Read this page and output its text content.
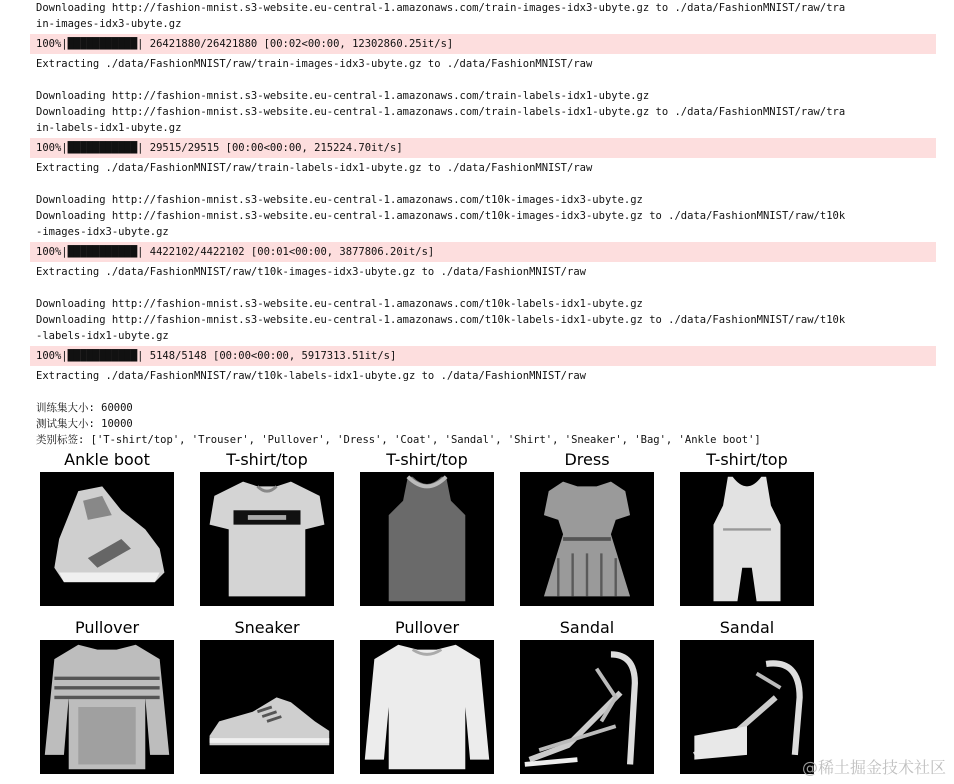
Downloading http://fashion-mnist.s3-website.eu-central-1.amazonaws.com/train-images-idx3-ubyte.gz to ./data/FashionMNIST/raw/tra
in-images-idx3-ubyte.gz
100%|███████████| 26421880/26421880 [00:02<00:00, 12302860.25it/s]
Extracting ./data/FashionMNIST/raw/train-images-idx3-ubyte.gz to ./data/FashionMNIST/raw
Downloading http://fashion-mnist.s3-website.eu-central-1.amazonaws.com/train-labels-idx1-ubyte.gz
Downloading http://fashion-mnist.s3-website.eu-central-1.amazonaws.com/train-labels-idx1-ubyte.gz to ./data/FashionMNIST/raw/tra
in-labels-idx1-ubyte.gz
100%|███████████| 29515/29515 [00:00<00:00, 215224.70it/s]
Extracting ./data/FashionMNIST/raw/train-labels-idx1-ubyte.gz to ./data/FashionMNIST/raw
Downloading http://fashion-mnist.s3-website.eu-central-1.amazonaws.com/t10k-images-idx3-ubyte.gz
Downloading http://fashion-mnist.s3-website.eu-central-1.amazonaws.com/t10k-images-idx3-ubyte.gz to ./data/FashionMNIST/raw/t10k
-images-idx3-ubyte.gz
100%|███████████| 4422102/4422102 [00:01<00:00, 3877806.20it/s]
Extracting ./data/FashionMNIST/raw/t10k-images-idx3-ubyte.gz to ./data/FashionMNIST/raw
Downloading http://fashion-mnist.s3-website.eu-central-1.amazonaws.com/t10k-labels-idx1-ubyte.gz
Downloading http://fashion-mnist.s3-website.eu-central-1.amazonaws.com/t10k-labels-idx1-ubyte.gz to ./data/FashionMNIST/raw/t10k
-labels-idx1-ubyte.gz
100%|███████████| 5148/5148 [00:00<00:00, 5917313.51it/s]
Extracting ./data/FashionMNIST/raw/t10k-labels-idx1-ubyte.gz to ./data/FashionMNIST/raw
训练集大小: 60000
测试集大小: 10000
类别标签: ['T-shirt/top', 'Trouser', 'Pullover', 'Dress', 'Coat', 'Sandal', 'Shirt', 'Sneaker', 'Bag', 'Ankle boot']
Ankle boot	T-shirt/top	T-shirt/top	Dress	T-shirt/top
Pullover	Sneaker	Pullover	Sandal	Sandal
@稀土掘金技术社区
